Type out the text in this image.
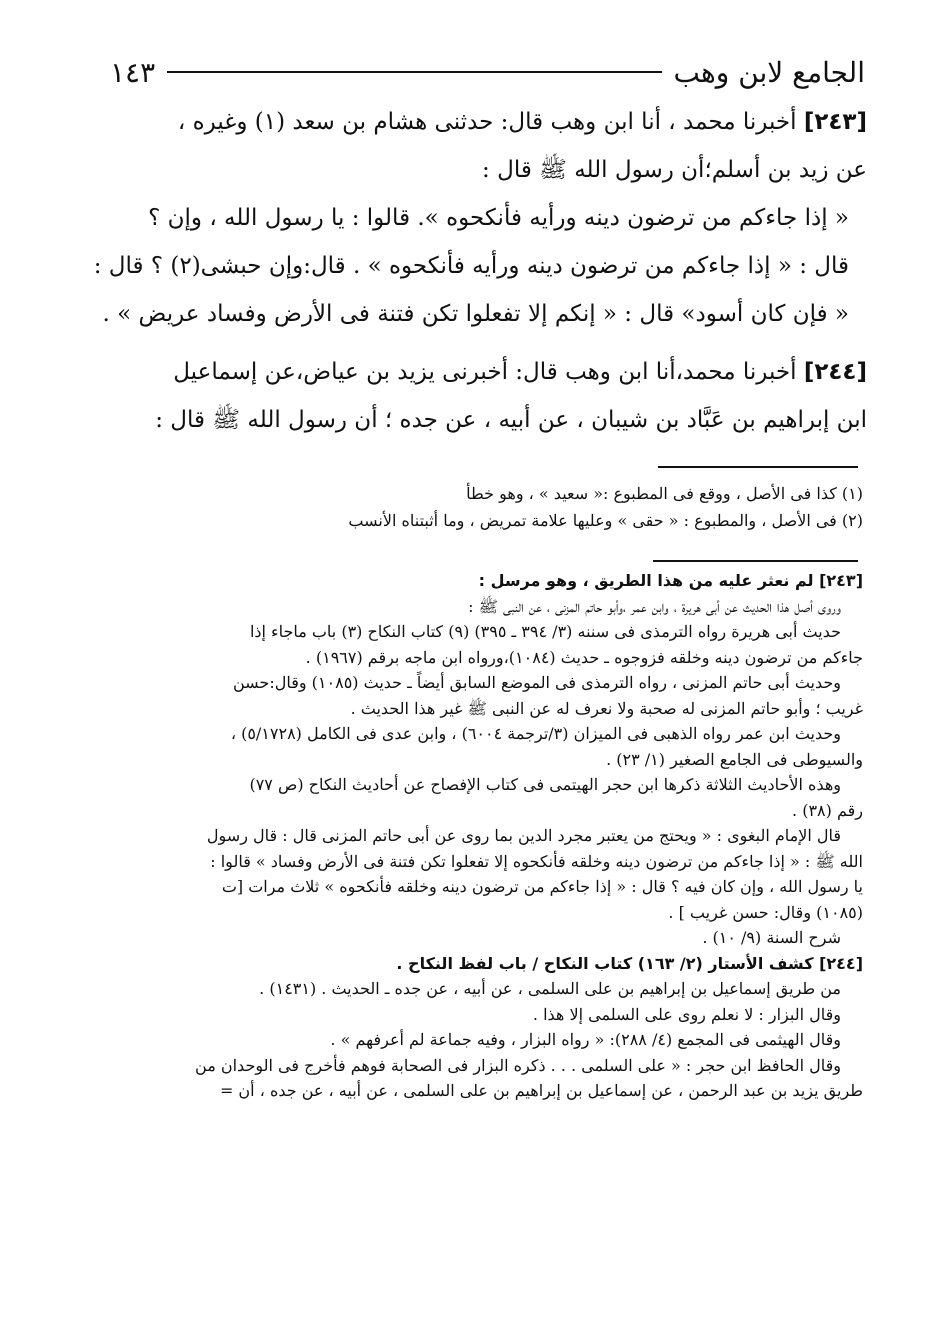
الجامع لابن وهب
١٤٣

[٢٤٣] أخبرنا محمد ، أنا ابن وهب قال: حدثنى هشام بن سعد (١) وغيره ،

عن زيد بن أسلم؛أن رسول الله ﷺ قال :

« إذا جاءكم من ترضون دينه ورأيه فأنكحوه ». قالوا : يا رسول الله ، وإن ؟

قال : « إذا جاءكم من ترضون دينه ورأيه فأنكحوه » . قال:وإن حبشى(٢) ؟ قال :

« فإن كان أسود» قال : « إنكم إلا تفعلوا تكن فتنة فى الأرض وفساد عريض » .

[٢٤٤] أخبرنا محمد،أنا ابن وهب قال: أخبرنى يزيد بن عياض،عن إسماعيل

ابن إبراهيم بن عَبَّاد بن شيبان ، عن أبيه ، عن جده ؛ أن رسول الله ﷺ قال :

(١) كذا فى الأصل ، ووقع فى المطبوع :« سعيد » ، وهو خطأ

(٢) فى الأصل ، والمطبوع : « حقى » وعليها علامة تمريض ، وما أثبتناه الأنسب

[٢٤٣] لم نعثر عليه من هذا الطريق ، وهو مرسل :

وروى أصل هذا الحديث عن أبى هريرة ، وابن عمر ،وأبو حاتم المزنى ، عن النبى ﷺ :

حديث أبى هريرة رواه الترمذى فى سننه (٣/ ٣٩٤ ـ ٣٩٥) (٩) كتاب النكاح (٣) باب ماجاء إذا

جاءكم من ترضون دينه وخلقه فزوجوه ـ حديث (١٠٨٤)،ورواه ابن ماجه برقم (١٩٦٧) .

وحديث أبى حاتم المزنى ، رواه الترمذى فى الموضع السابق أيضاً ـ حديث (١٠٨٥) وقال:حسن

غريب ؛ وأبو حاتم المزنى له صحبة ولا نعرف له عن النبى ﷺ غير هذا الحديث .

وحديث ابن عمر رواه الذهبى فى الميزان (٣/ترجمة ٦٠٠٤) ، وابن عدى فى الكامل (٥/١٧٢٨) ،

والسيوطى فى الجامع الصغير (١/ ٢٣) .

وهذه الأحاديث الثلاثة ذكرها ابن حجر الهيتمى فى كتاب الإفصاح عن أحاديث النكاح (ص ٧٧)

رقم (٣٨) .

قال الإمام البغوى : « ويحتج من يعتبر مجرد الدين بما روى عن أبى حاتم المزنى قال : قال رسول

الله ﷺ : « إذا جاءكم من ترضون دينه وخلقه فأنكحوه إلا تفعلوا تكن فتنة فى الأرض وفساد » قالوا :

يا رسول الله ، وإن كان فيه ؟ قال : « إذا جاءكم من ترضون دينه وخلقه فأنكحوه » ثلاث مرات [ت

(١٠٨٥) وقال: حسن غريب ] .

شرح السنة (٩/ ١٠) .

[٢٤٤] كشف الأستار (٢/ ١٦٣) كتاب النكاح / باب لفظ النكاح .

من طريق إسماعيل بن إبراهيم بن على السلمى ، عن أبيه ، عن جده ـ الحديث . (١٤٣١) .

وقال البزار : لا نعلم روى على السلمى إلا هذا .

وقال الهيثمى فى المجمع (٤/ ٢٨٨): « رواه البزار ، وفيه جماعة لم أعرفهم » .

وقال الحافظ ابن حجر : « على السلمى . . . ذكره البزار فى الصحابة فوهم فأخرج فى الوحدان من

طريق يزيد بن عبد الرحمن ، عن إسماعيل بن إبراهيم بن على السلمى ، عن أبيه ، عن جده ، أن =
